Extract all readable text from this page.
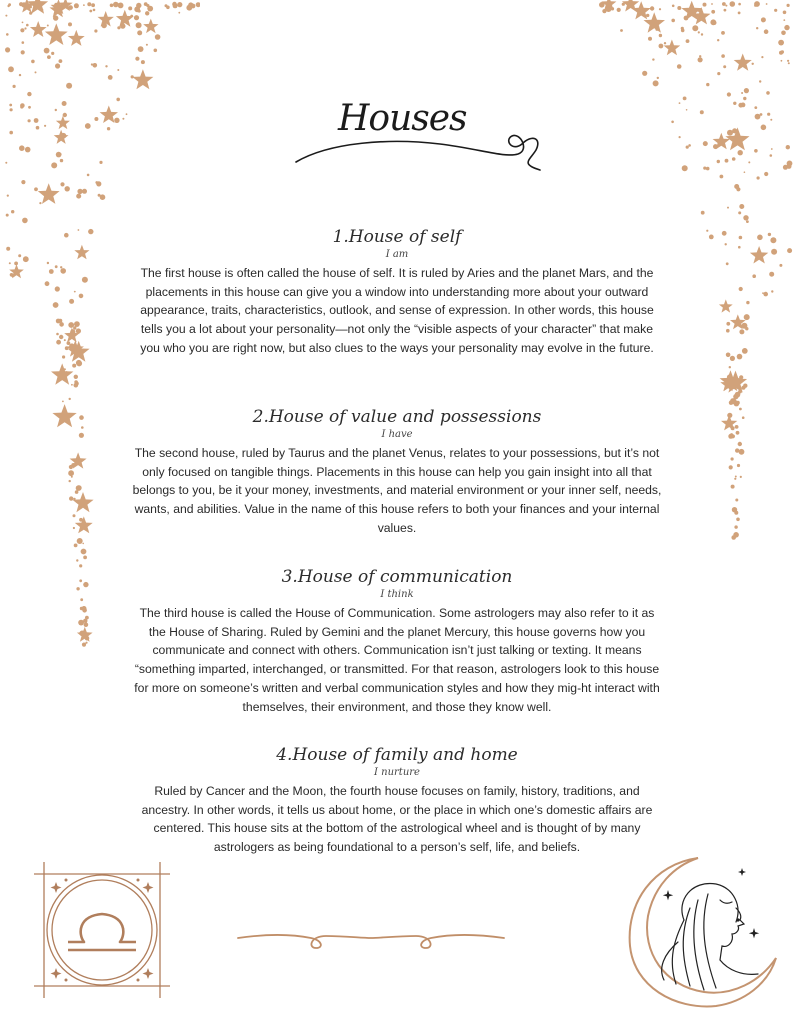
Houses

1.House of self

I am

The first house is often called the house of self. It is ruled by Aries and the planet Mars, and the placements in this house can give you a window into understanding more about your outward appearance, traits, characteristics, outlook, and sense of expression. In other words, this house tells you a lot about your personality—not only the “visible aspects of your character” that make you who you are right now, but also clues to the ways your personality may evolve in the future.

2.House of value and possessions

I have

The second house, ruled by Taurus and the planet Venus, relates to your possessions, but it’s not only focused on tangible things. Placements in this house can help you gain insight into all that belongs to you, be it your money, investments, and material environment or your inner self, needs, wants, and abilities. Value in the name of this house refers to both your finances and your internal values.

3.House of communication

I think

The third house is called the House of Communication. Some astrologers may also refer to it as the House of Sharing. Ruled by Gemini and the planet Mercury, this house governs how you communicate and connect with others. Communication isn’t just talking or texting. It means “something imparted, interchanged, or transmitted. For that reason, astrologers look to this house for more on someone’s written and verbal communication styles and how they mig-ht interact with themselves, their environment, and those they know well.

4.House of family and home

I nurture

Ruled by Cancer and the Moon, the fourth house focuses on family, history, traditions, and ancestry. In other words, it tells us about home, or the place in which one’s domestic affairs are centered. This house sits at the bottom of the astrological wheel and is thought of by many astrologers as being foundational to a person’s self, life, and beliefs.
